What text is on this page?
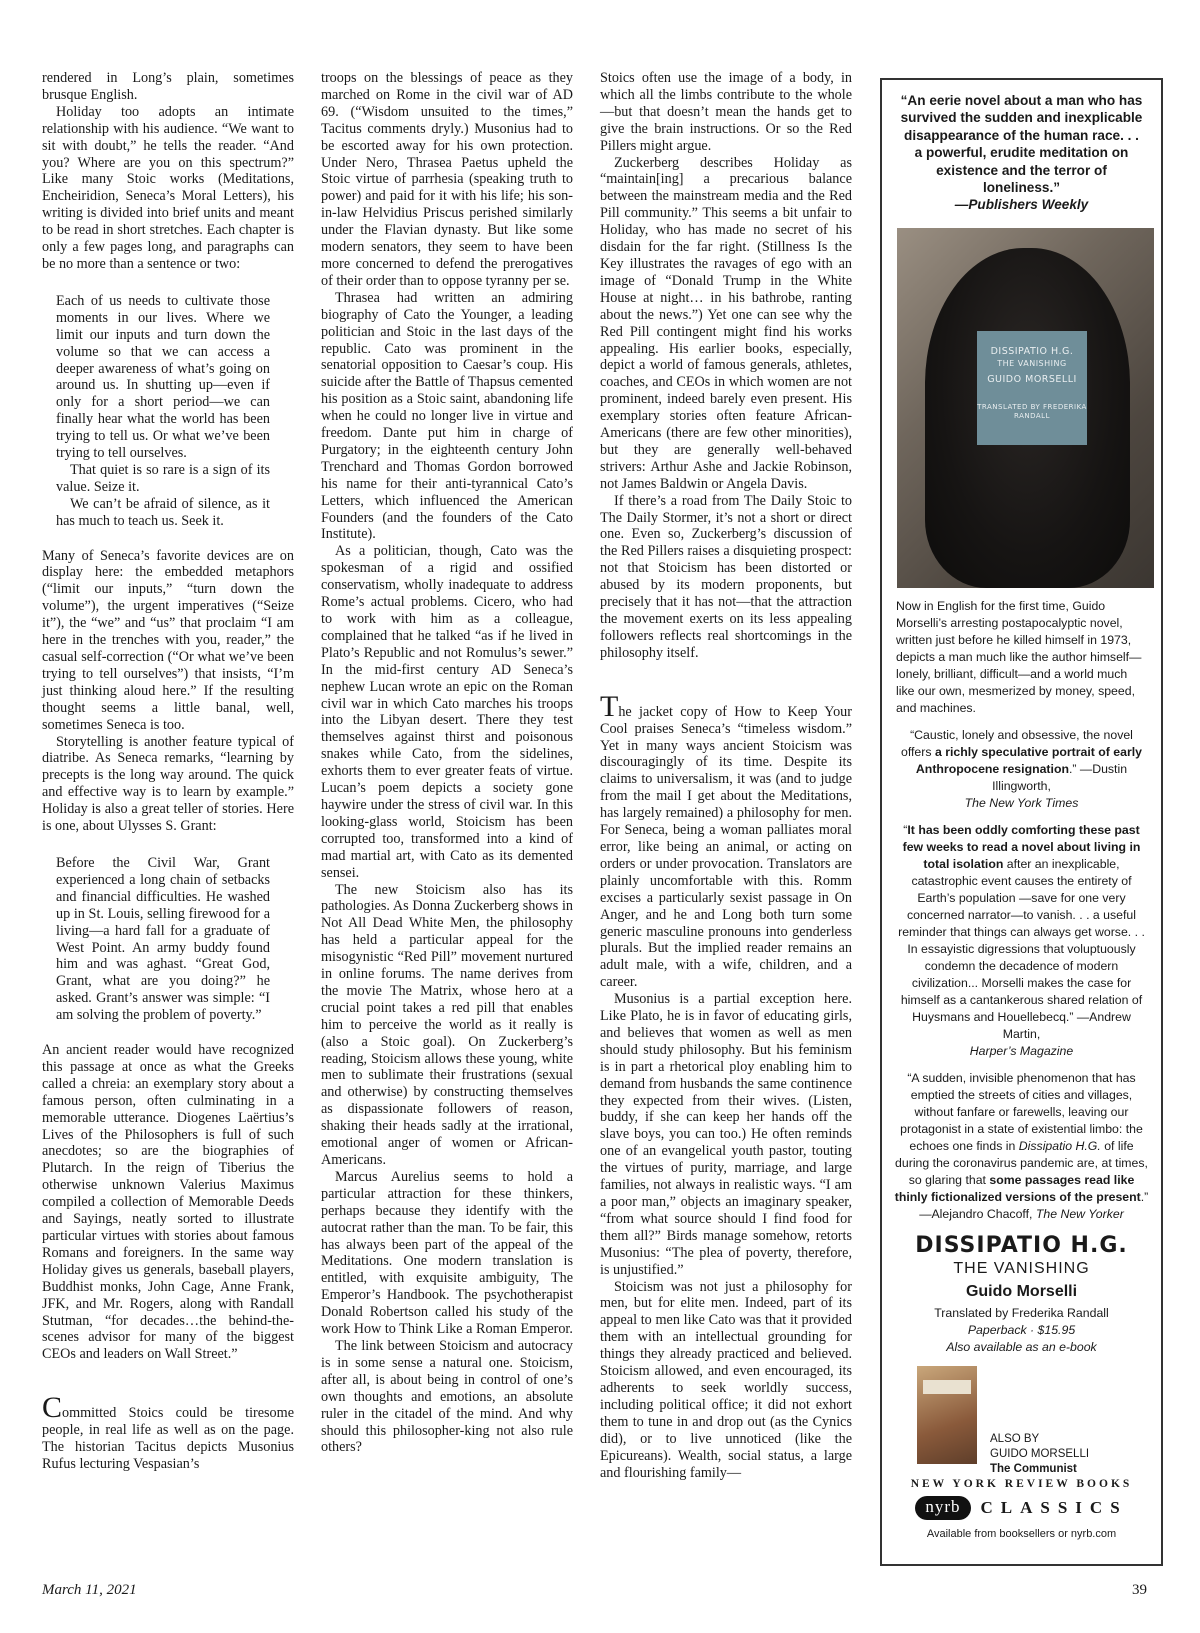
rendered in Long’s plain, sometimes brusque English.

Holiday too adopts an intimate relationship with his audience. “We want to sit with doubt,” he tells the reader. “And you? Where are you on this spectrum?” Like many Stoic works (Meditations, Encheiridion, Seneca’s Moral Letters), his writing is divided into brief units and meant to be read in short stretches. Each chapter is only a few pages long, and paragraphs can be no more than a sentence or two:

Each of us needs to cultivate those moments in our lives. Where we limit our inputs and turn down the volume so that we can access a deeper awareness of what’s going on around us. In shutting up—even if only for a short period—we can finally hear what the world has been trying to tell us. Or what we’ve been trying to tell ourselves.

That quiet is so rare is a sign of its value. Seize it.

We can’t be afraid of silence, as it has much to teach us. Seek it.

Many of Seneca’s favorite devices are on display here: the embedded metaphors (“limit our inputs,” “turn down the volume”), the urgent imperatives (“Seize it”), the “we” and “us” that proclaim “I am here in the trenches with you, reader,” the casual self-correction (“Or what we’ve been trying to tell ourselves”) that insists, “I’m just thinking aloud here.” If the resulting thought seems a little banal, well, sometimes Seneca is too.

Storytelling is another feature typical of diatribe. As Seneca remarks, “learning by precepts is the long way around. The quick and effective way is to learn by example.” Holiday is also a great teller of stories. Here is one, about Ulysses S. Grant:

Before the Civil War, Grant experienced a long chain of setbacks and financial difficulties. He washed up in St. Louis, selling firewood for a living—a hard fall for a graduate of West Point. An army buddy found him and was aghast. “Great God, Grant, what are you doing?” he asked. Grant’s answer was simple: “I am solving the problem of poverty.”

An ancient reader would have recognized this passage at once as what the Greeks called a chreia: an exemplary story about a famous person, often culminating in a memorable utterance. Diogenes Laërtius’s Lives of the Philosophers is full of such anecdotes; so are the biographies of Plutarch. In the reign of Tiberius the otherwise unknown Valerius Maximus compiled a collection of Memorable Deeds and Sayings, neatly sorted to illustrate particular virtues with stories about famous Romans and foreigners. In the same way Holiday gives us generals, baseball players, Buddhist monks, John Cage, Anne Frank, JFK, and Mr. Rogers, along with Randall Stutman, “for decades…the behind-the-scenes advisor for many of the biggest CEOs and leaders on Wall Street.”

Committed Stoics could be tiresome people, in real life as well as on the page. The historian Tacitus depicts Musonius Rufus lecturing Vespasian’s

troops on the blessings of peace as they marched on Rome in the civil war of AD 69. (“Wisdom unsuited to the times,” Tacitus comments dryly.) Musonius had to be escorted away for his own protection. Under Nero, Thrasea Paetus upheld the Stoic virtue of parrhesia (speaking truth to power) and paid for it with his life; his son-in-law Helvidius Priscus perished similarly under the Flavian dynasty. But like some modern senators, they seem to have been more concerned to defend the prerogatives of their order than to oppose tyranny per se.

Thrasea had written an admiring biography of Cato the Younger, a leading politician and Stoic in the last days of the republic. Cato was prominent in the senatorial opposition to Caesar’s coup. His suicide after the Battle of Thapsus cemented his position as a Stoic saint, abandoning life when he could no longer live in virtue and freedom. Dante put him in charge of Purgatory; in the eighteenth century John Trenchard and Thomas Gordon borrowed his name for their anti-tyrannical Cato’s Letters, which influenced the American Founders (and the founders of the Cato Institute).

As a politician, though, Cato was the spokesman of a rigid and ossified conservatism, wholly inadequate to address Rome’s actual problems. Cicero, who had to work with him as a colleague, complained that he talked “as if he lived in Plato’s Republic and not Romulus’s sewer.” In the mid-first century AD Seneca’s nephew Lucan wrote an epic on the Roman civil war in which Cato marches his troops into the Libyan desert. There they test themselves against thirst and poisonous snakes while Cato, from the sidelines, exhorts them to ever greater feats of virtue. Lucan’s poem depicts a society gone haywire under the stress of civil war. In this looking-glass world, Stoicism has been corrupted too, transformed into a kind of mad martial art, with Cato as its demented sensei.

The new Stoicism also has its pathologies. As Donna Zuckerberg shows in Not All Dead White Men, the philosophy has held a particular appeal for the misogynistic “Red Pill” movement nurtured in online forums. The name derives from the movie The Matrix, whose hero at a crucial point takes a red pill that enables him to perceive the world as it really is (also a Stoic goal). On Zuckerberg’s reading, Stoicism allows these young, white men to sublimate their frustrations (sexual and otherwise) by constructing themselves as dispassionate followers of reason, shaking their heads sadly at the irrational, emotional anger of women or African-Americans.

Marcus Aurelius seems to hold a particular attraction for these thinkers, perhaps because they identify with the autocrat rather than the man. To be fair, this has always been part of the appeal of the Meditations. One modern translation is entitled, with exquisite ambiguity, The Emperor’s Handbook. The psychotherapist Donald Robertson called his study of the work How to Think Like a Roman Emperor.

The link between Stoicism and autocracy is in some sense a natural one. Stoicism, after all, is about being in control of one’s own thoughts and emotions, an absolute ruler in the citadel of the mind. And why should this philosopher-king not also rule others?

Stoics often use the image of a body, in which all the limbs contribute to the whole—but that doesn’t mean the hands get to give the brain instructions. Or so the Red Pillers might argue.

Zuckerberg describes Holiday as “maintain[ing] a precarious balance between the mainstream media and the Red Pill community.” This seems a bit unfair to Holiday, who has made no secret of his disdain for the far right. (Stillness Is the Key illustrates the ravages of ego with an image of “Donald Trump in the White House at night… in his bathrobe, ranting about the news.”) Yet one can see why the Red Pill contingent might find his works appealing. His earlier books, especially, depict a world of famous generals, athletes, coaches, and CEOs in which women are not prominent, indeed barely even present. His exemplary stories often feature African-Americans (there are few other minorities), but they are generally well-behaved strivers: Arthur Ashe and Jackie Robinson, not James Baldwin or Angela Davis.

If there’s a road from The Daily Stoic to The Daily Stormer, it’s not a short or direct one. Even so, Zuckerberg’s discussion of the Red Pillers raises a disquieting prospect: not that Stoicism has been distorted or abused by its modern proponents, but precisely that it has not—that the attraction the movement exerts on its less appealing followers reflects real shortcomings in the philosophy itself.

The jacket copy of How to Keep Your Cool praises Seneca’s “timeless wisdom.” Yet in many ways ancient Stoicism was discouragingly of its time. Despite its claims to universalism, it was (and to judge from the mail I get about the Meditations, has largely remained) a philosophy for men. For Seneca, being a woman palliates moral error, like being an animal, or acting on orders or under provocation. Translators are plainly uncomfortable with this. Romm excises a particularly sexist passage in On Anger, and he and Long both turn some generic masculine pronouns into genderless plurals. But the implied reader remains an adult male, with a wife, children, and a career.

Musonius is a partial exception here. Like Plato, he is in favor of educating girls, and believes that women as well as men should study philosophy. But his feminism is in part a rhetorical ploy enabling him to demand from husbands the same continence they expected from their wives. (Listen, buddy, if she can keep her hands off the slave boys, you can too.) He often reminds one of an evangelical youth pastor, touting the virtues of purity, marriage, and large families, not always in realistic ways. “I am a poor man,” objects an imaginary speaker, “from what source should I find food for them all?” Birds manage somehow, retorts Musonius: “The plea of poverty, therefore, is unjustified.”

Stoicism was not just a philosophy for men, but for elite men. Indeed, part of its appeal to men like Cato was that it provided them with an intellectual grounding for things they already practiced and believed. Stoicism allowed, and even encouraged, its adherents to seek worldly success, including political office; it did not exhort them to tune in and drop out (as the Cynics did), or to live unnoticed (like the Epicureans). Wealth, social status, a large and flourishing family—

“An eerie novel about a man who has survived the sudden and inexplicable disappearance of the human race. . . a powerful, erudite meditation on existence and the terror of loneliness.”
—Publishers Weekly
DISSIPATIO H.G.
THE VANISHING
GUIDO MORSELLI
TRANSLATED BY FREDERIKA RANDALL
Now in English for the first time, Guido Morselli’s arresting postapocalyptic novel, written just before he killed himself in 1973, depicts a man much like the author himself—lonely, brilliant, difficult—and a world much like our own, mesmerized by money, speed, and machines.
“Caustic, lonely and obsessive, the novel offers a richly speculative portrait of early Anthropocene resignation.” —Dustin Illingworth,
The New York Times
“It has been oddly comforting these past few weeks to read a novel about living in total isolation after an inexplicable, catastrophic event causes the entirety of Earth’s population —save for one very concerned narrator—to vanish. . . a useful reminder that things can always get worse. . . In essayistic digressions that voluptuously condemn the decadence of modern civilization... Morselli makes the case for himself as a cantankerous shared relation of Huysmans and Houellebecq.” —Andrew Martin,
Harper’s Magazine
“A sudden, invisible phenomenon that has emptied the streets of cities and villages, without fanfare or farewells, leaving our protagonist in a state of existential limbo: the echoes one finds in Dissipatio H.G. of life during the coronavirus pandemic are, at times, so glaring that some passages read like thinly fictionalized versions of the present.” —Alejandro Chacoff, The New Yorker
DISSIPATIO H.G.
THE VANISHING
Guido Morselli
Translated by Frederika Randall
Paperback · $15.95
Also available as an e-book
ALSO BY
GUIDO MORSELLI
The Communist
NEW YORK REVIEW BOOKS
nyrb	CLASSICS
Available from booksellers or nyrb.com
March 11, 2021	39
